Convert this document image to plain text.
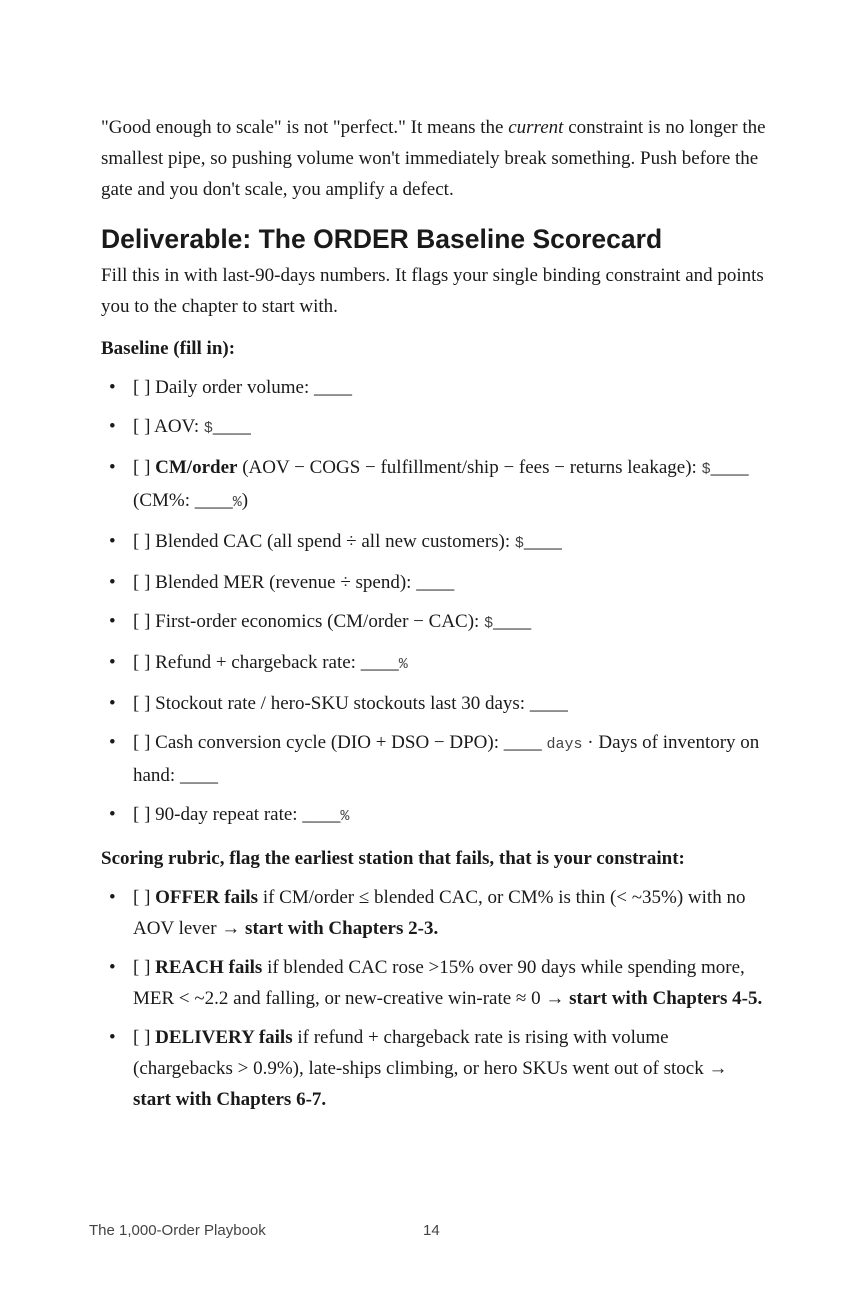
"Good enough to scale" is not "perfect." It means the current constraint is no longer the smallest pipe, so pushing volume won't immediately break something. Push before the gate and you don't scale, you amplify a defect.

Deliverable: The ORDER Baseline Scorecard

Fill this in with last-90-days numbers. It flags your single binding constraint and points you to the chapter to start with.

Baseline (fill in):
• [ ] Daily order volume: ____
• [ ] AOV: $____
• [ ] CM/order (AOV − COGS − fulfillment/ship − fees − returns leakage): $____ (CM%: ____%)
• [ ] Blended CAC (all spend ÷ all new customers): $____
• [ ] Blended MER (revenue ÷ spend): ____
• [ ] First-order economics (CM/order − CAC): $____
• [ ] Refund + chargeback rate: ____%
• [ ] Stockout rate / hero-SKU stockouts last 30 days: ____
• [ ] Cash conversion cycle (DIO + DSO − DPO): ____ days · Days of inventory on hand: ____
• [ ] 90-day repeat rate: ____%
Scoring rubric, flag the earliest station that fails, that is your constraint:
• [ ] OFFER fails if CM/order ≤ blended CAC, or CM% is thin (< ~35%) with no AOV lever → start with Chapters 2-3.
• [ ] REACH fails if blended CAC rose >15% over 90 days while spending more, MER < ~2.2 and falling, or new-creative win-rate ≈ 0 → start with Chapters 4-5.
• [ ] DELIVERY fails if refund + chargeback rate is rising with volume (chargebacks > 0.9%), late-ships climbing, or hero SKUs went out of stock → start with Chapters 6-7.
The 1,000-Order Playbook	14
